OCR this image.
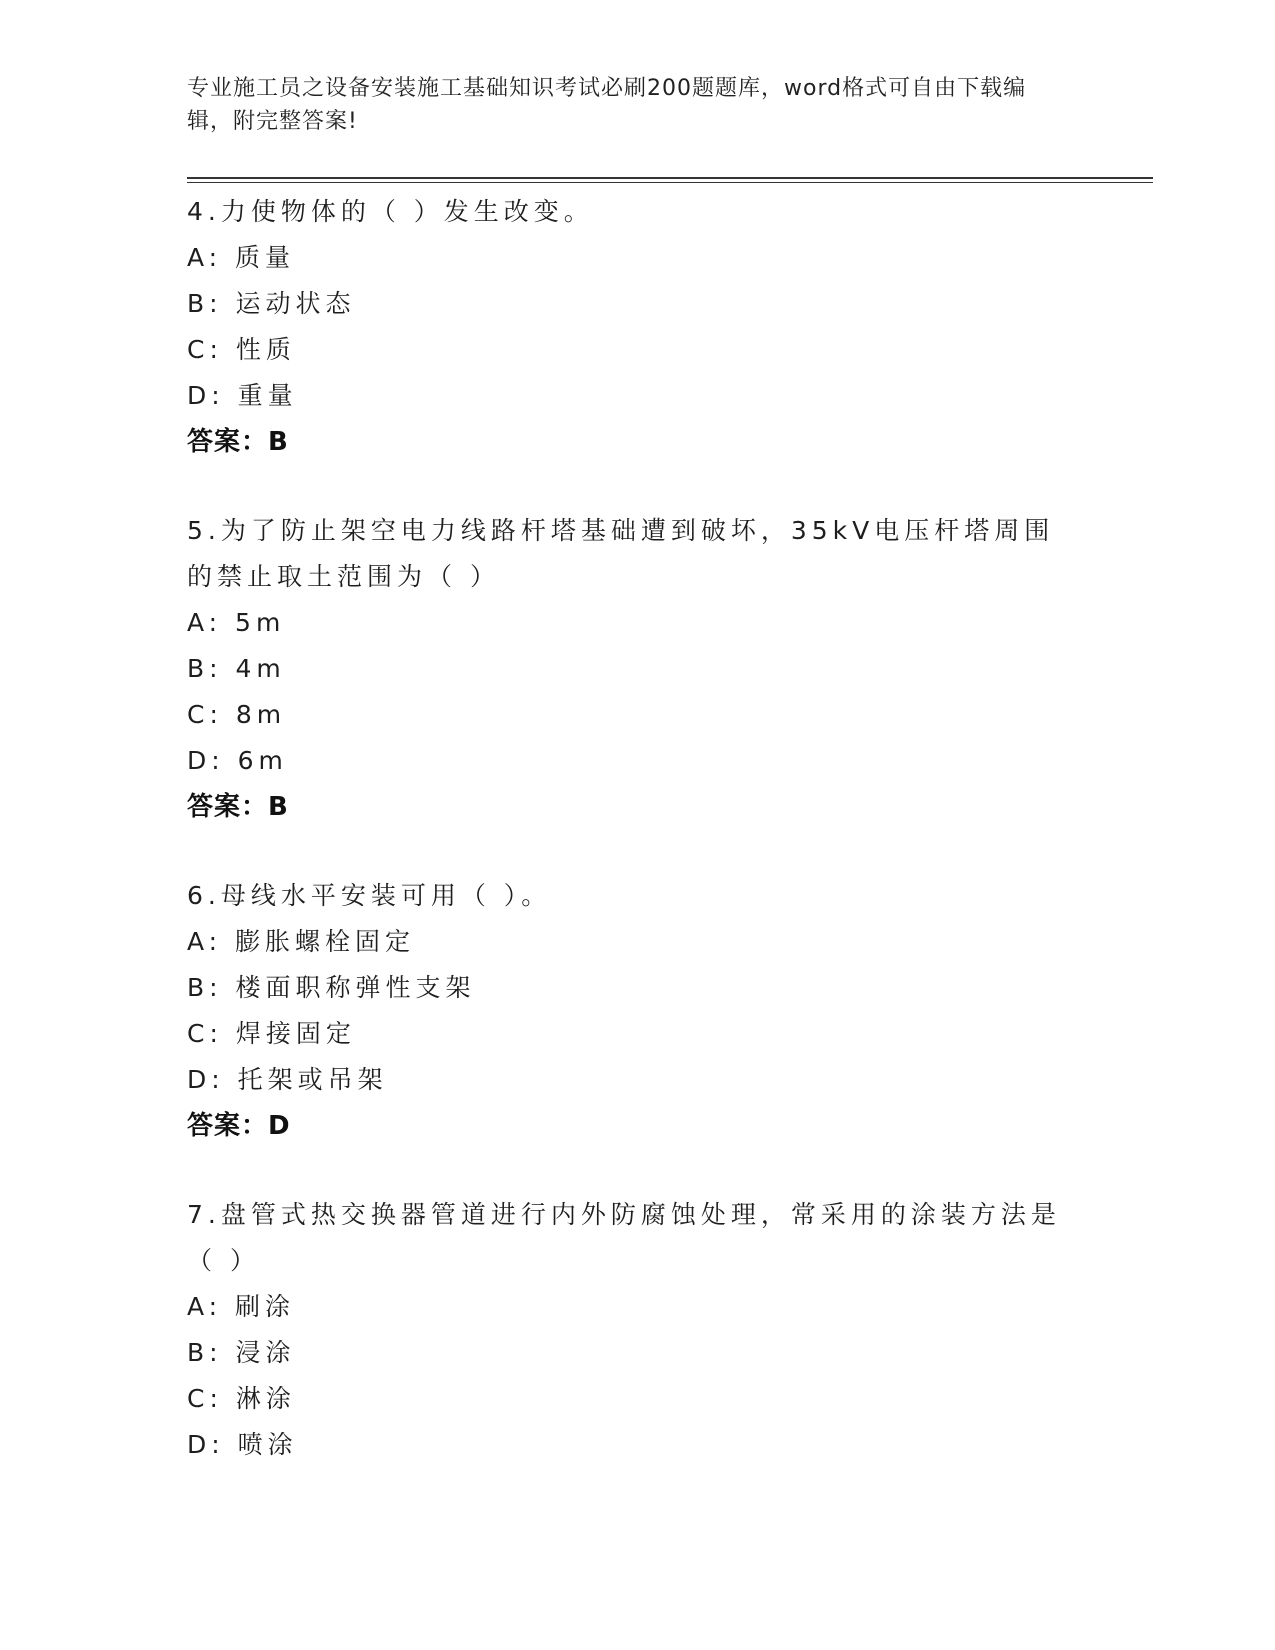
专业施工员之设备安装施工基础知识考试必刷200题题库，word格式可自由下载编辑，附完整答案!

4.力使物体的（ ）发生改变。

A: 质量
B: 运动状态
C: 性质
D: 重量
答案：B

5.为了防止架空电力线路杆塔基础遭到破坏，35kV电压杆塔周围的禁止取土范围为（ ）

A: 5m
B: 4m
C: 8m
D: 6m
答案：B

6.母线水平安装可用（ ）。

A: 膨胀螺栓固定
B: 楼面职称弹性支架
C: 焊接固定
D: 托架或吊架
答案：D

7.盘管式热交换器管道进行内外防腐蚀处理，常采用的涂装方法是（ ）

A: 刷涂
B: 浸涂
C: 淋涂
D: 喷涂
